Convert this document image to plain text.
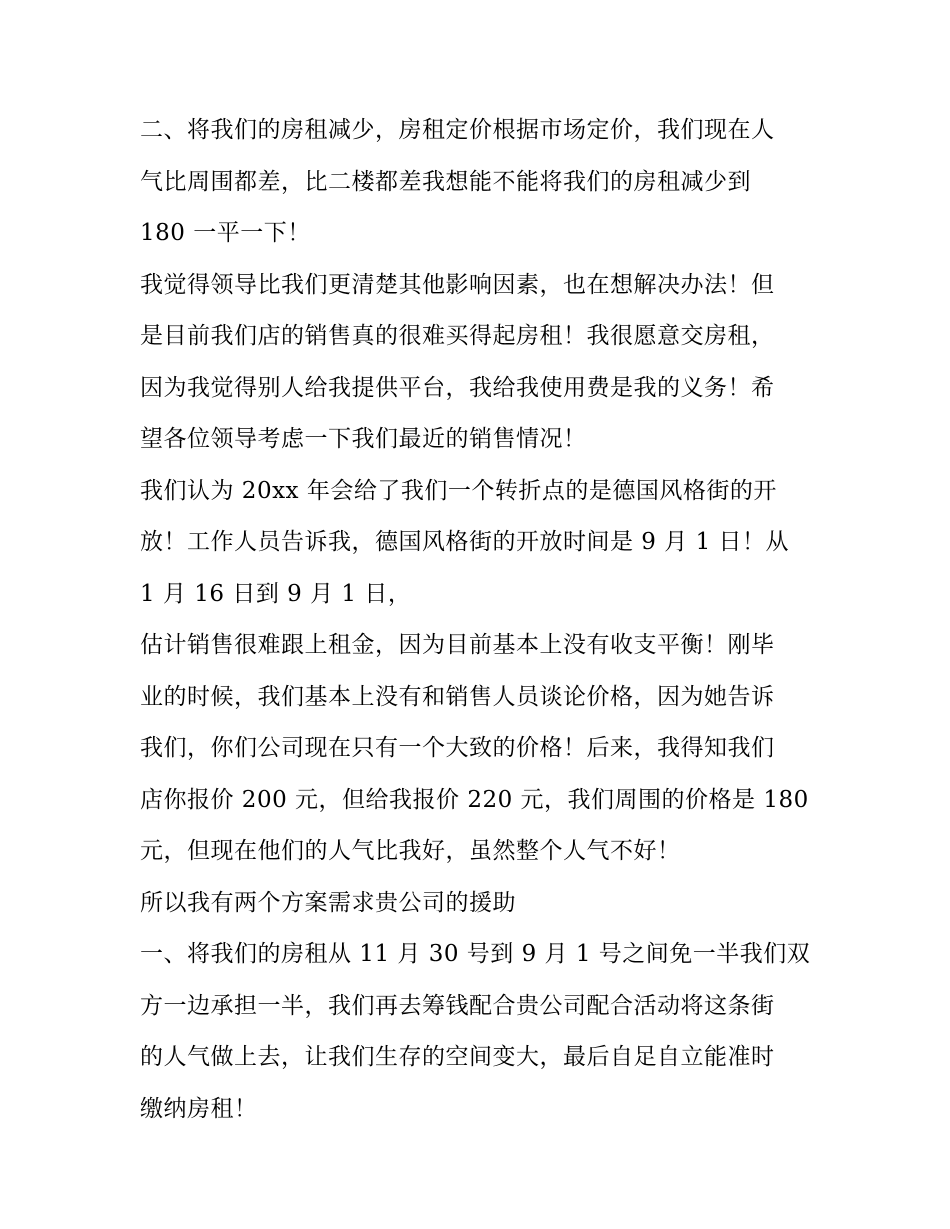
二、将我们的房租减少，房租定价根据市场定价，我们现在人
气比周围都差，比二楼都差我想能不能将我们的房租减少到
180 一平一下！
我觉得领导比我们更清楚其他影响因素，也在想解决办法！但
是目前我们店的销售真的很难买得起房租！我很愿意交房租，
因为我觉得别人给我提供平台，我给我使用费是我的义务！希
望各位领导考虑一下我们最近的销售情况！
我们认为 20xx 年会给了我们一个转折点的是德国风格街的开
放！工作人员告诉我，德国风格街的开放时间是 9 月 1 日！从
1 月 16 日到 9 月 1 日，
估计销售很难跟上租金，因为目前基本上没有收支平衡！刚毕
业的时候，我们基本上没有和销售人员谈论价格，因为她告诉
我们，你们公司现在只有一个大致的价格！后来，我得知我们
店你报价 200 元，但给我报价 220 元，我们周围的价格是 180
元，但现在他们的人气比我好，虽然整个人气不好！
所以我有两个方案需求贵公司的援助
一、将我们的房租从 11 月 30 号到 9 月 1 号之间免一半我们双
方一边承担一半，我们再去筹钱配合贵公司配合活动将这条街
的人气做上去，让我们生存的空间变大，最后自足自立能准时
缴纳房租！
